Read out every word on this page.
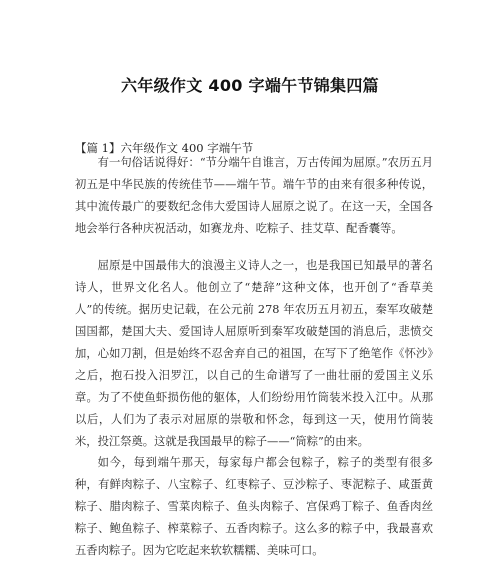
六年级作文 400 字端午节锦集四篇
【篇 1】六年级作文 400 字端午节

有一句俗话说得好：“节分端午自谁言，万古传闻为屈原。”农历五月初五是中华民族的传统佳节——端午节。端午节的由来有很多种传说，其中流传最广的要数纪念伟大爱国诗人屈原之说了。在这一天，全国各地会举行各种庆祝活动，如赛龙舟、吃粽子、挂艾草、配香囊等。

屈原是中国最伟大的浪漫主义诗人之一，也是我国已知最早的著名诗人，世界文化名人。他创立了“楚辞”这种文体，也开创了“香草美人”的传统。据历史记载，在公元前 278 年农历五月初五，秦军攻破楚国国都，楚国大夫、爱国诗人屈原听到秦军攻破楚国的消息后，悲愤交加，心如刀割，但是始终不忍舍弃自己的祖国，在写下了绝笔作《怀沙》之后，抱石投入汨罗江，以自己的生命谱写了一曲壮丽的爱国主义乐章。为了不使鱼虾损伤他的躯体，人们纷纷用竹筒装米投入江中。从那以后，人们为了表示对屈原的崇敬和怀念，每到这一天，使用竹筒装米，投江祭奠。这就是我国最早的粽子——“筒粽”的由来。

如今，每到端午那天，每家每户都会包粽子，粽子的类型有很多种，有鲜肉粽子、八宝粽子、红枣粽子、豆沙粽子、枣泥粽子、咸蛋黄粽子、腊肉粽子、雪菜肉粽子、鱼头肉粽子、宫保鸡丁粽子、鱼香肉丝粽子、鲍鱼粽子、榨菜粽子、五香肉粽子。这么多的粽子中，我最喜欢五香肉粽子。因为它吃起来软软糯糯、美味可口。
